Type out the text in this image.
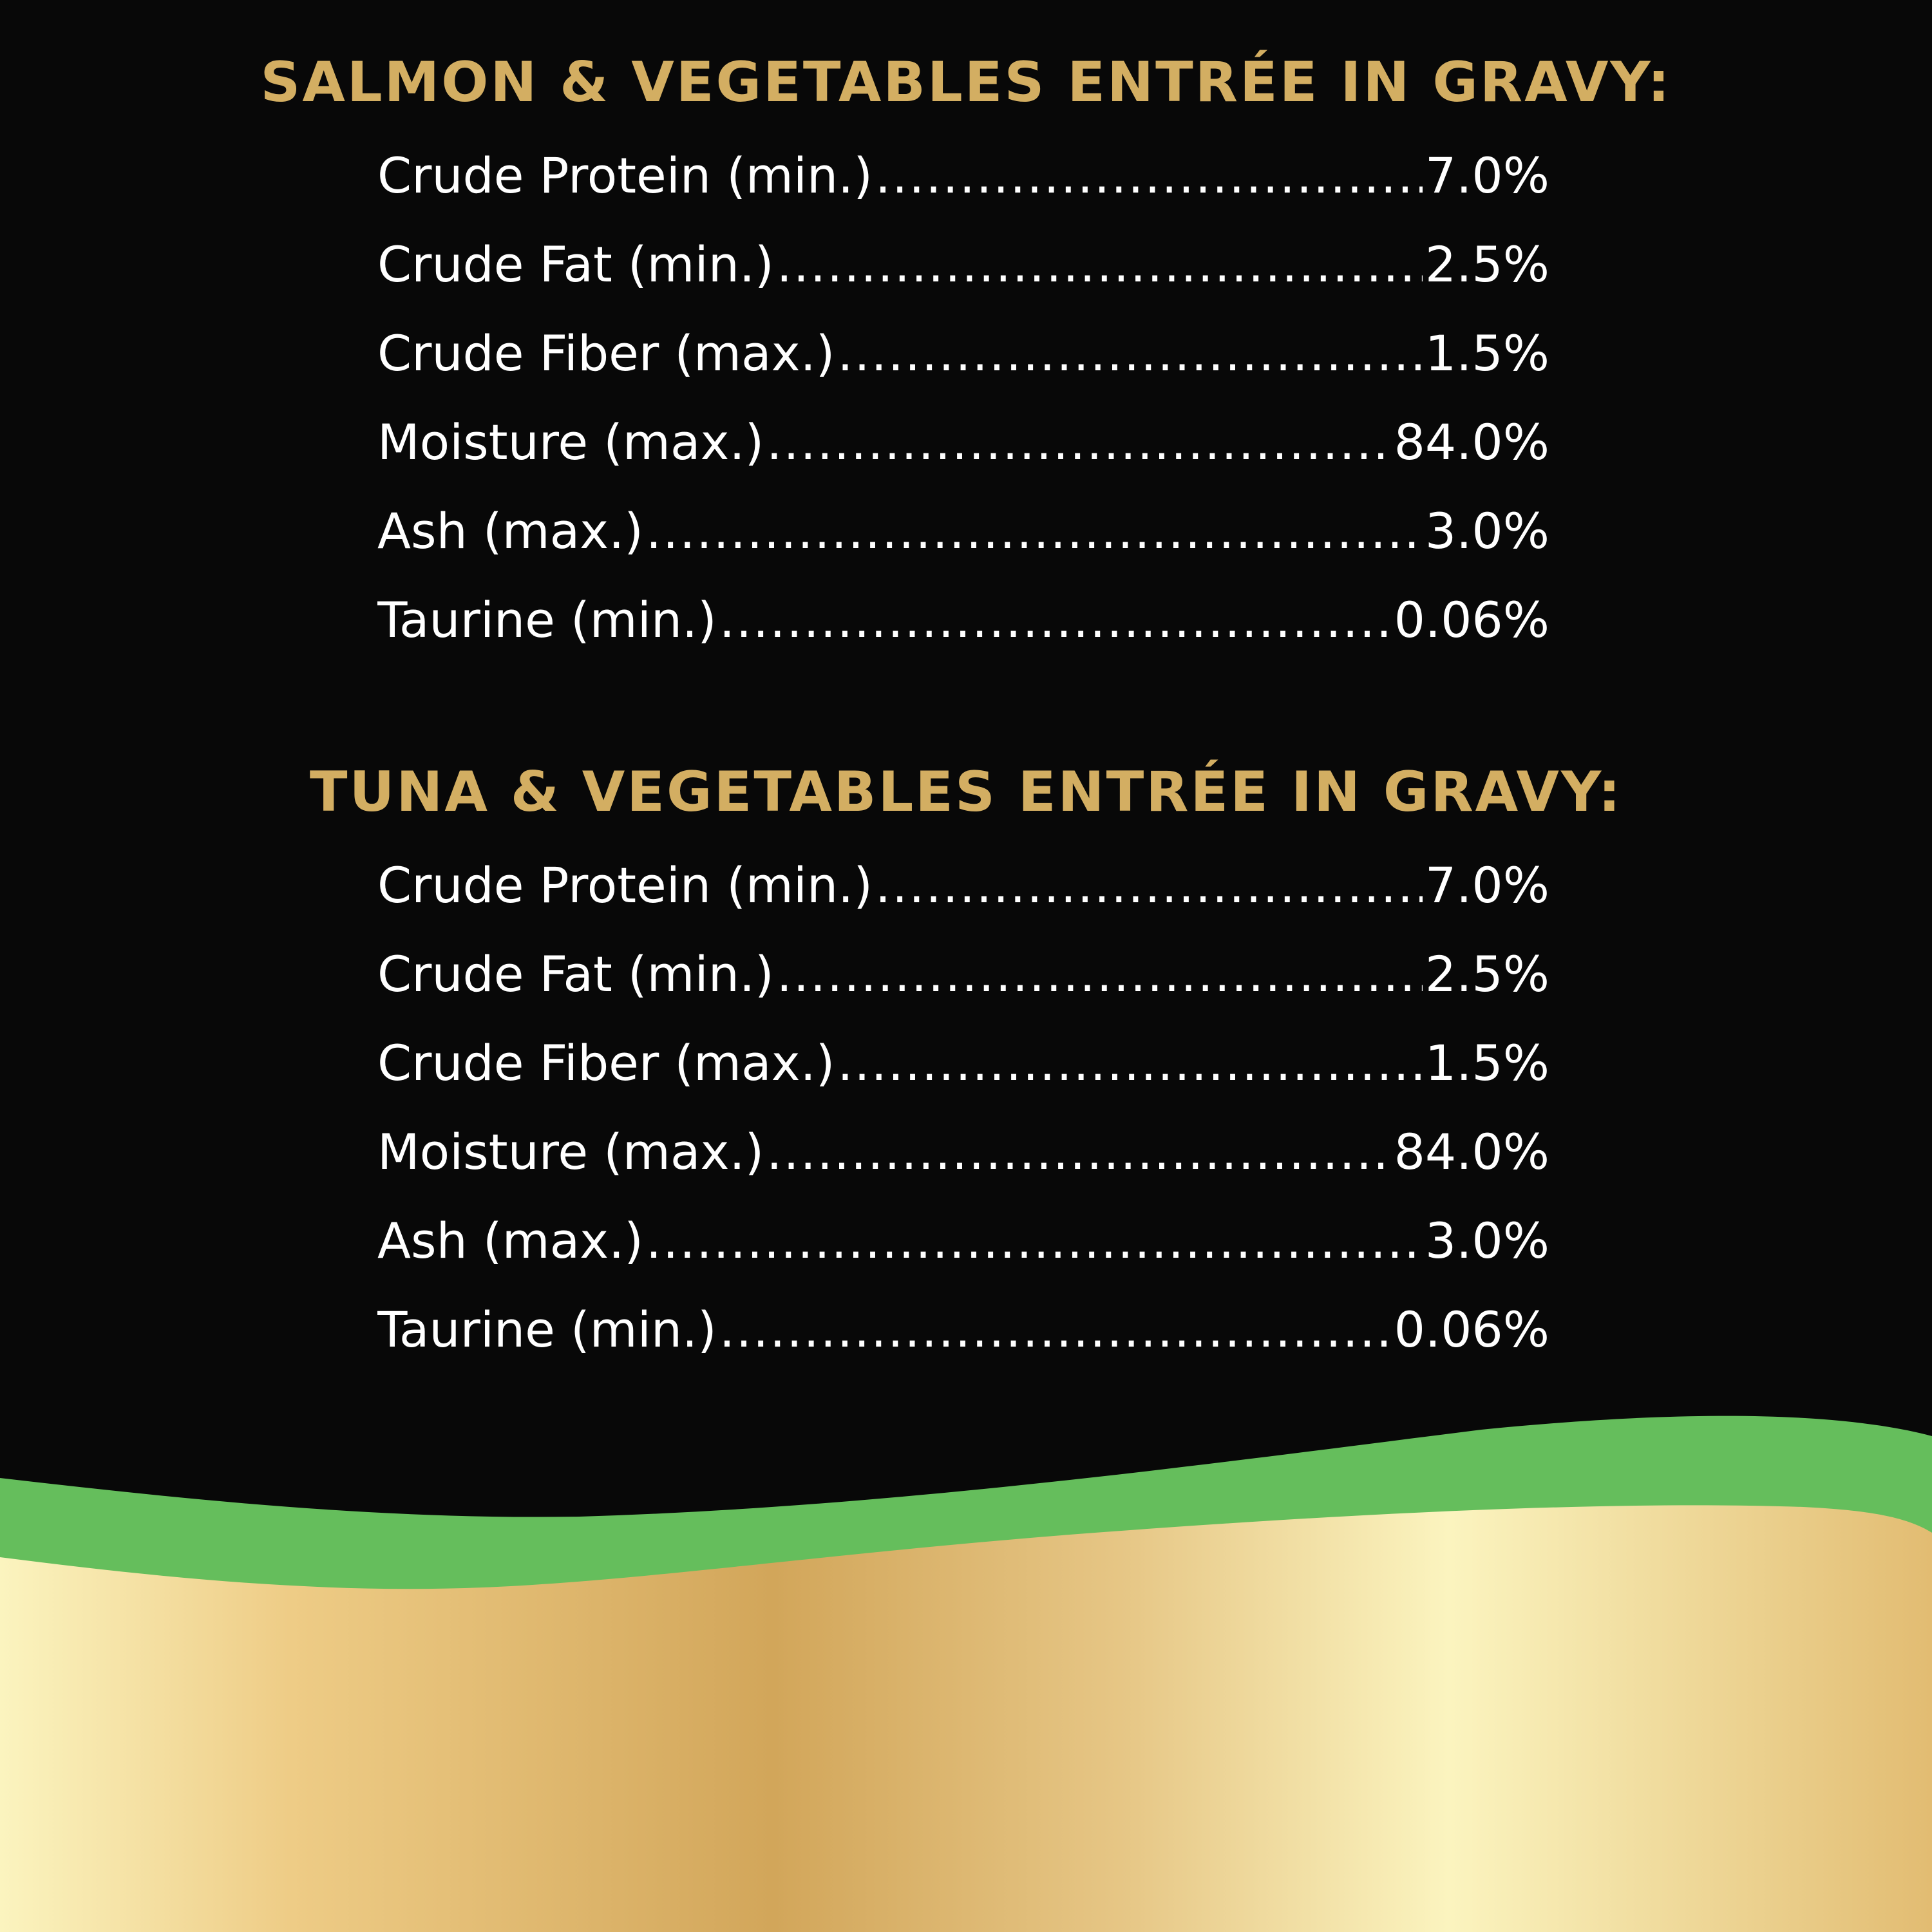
SALMON & VEGETABLES ENTRÉE IN GRAVY:
Crude Protein (min.) .....	7.0%
Crude Fat (min.) .....	2.5%
Crude Fiber (max.) .....	1.5%
Moisture (max.) .....	84.0%
Ash (max.) .....	3.0%
Taurine (min.) .....	0.06%
TUNA & VEGETABLES ENTRÉE IN GRAVY:
Crude Protein (min.) .....	7.0%
Crude Fat (min.) .....	2.5%
Crude Fiber (max.) .....	1.5%
Moisture (max.) .....	84.0%
Ash (max.) .....	3.0%
Taurine (min.) .....	0.06%
